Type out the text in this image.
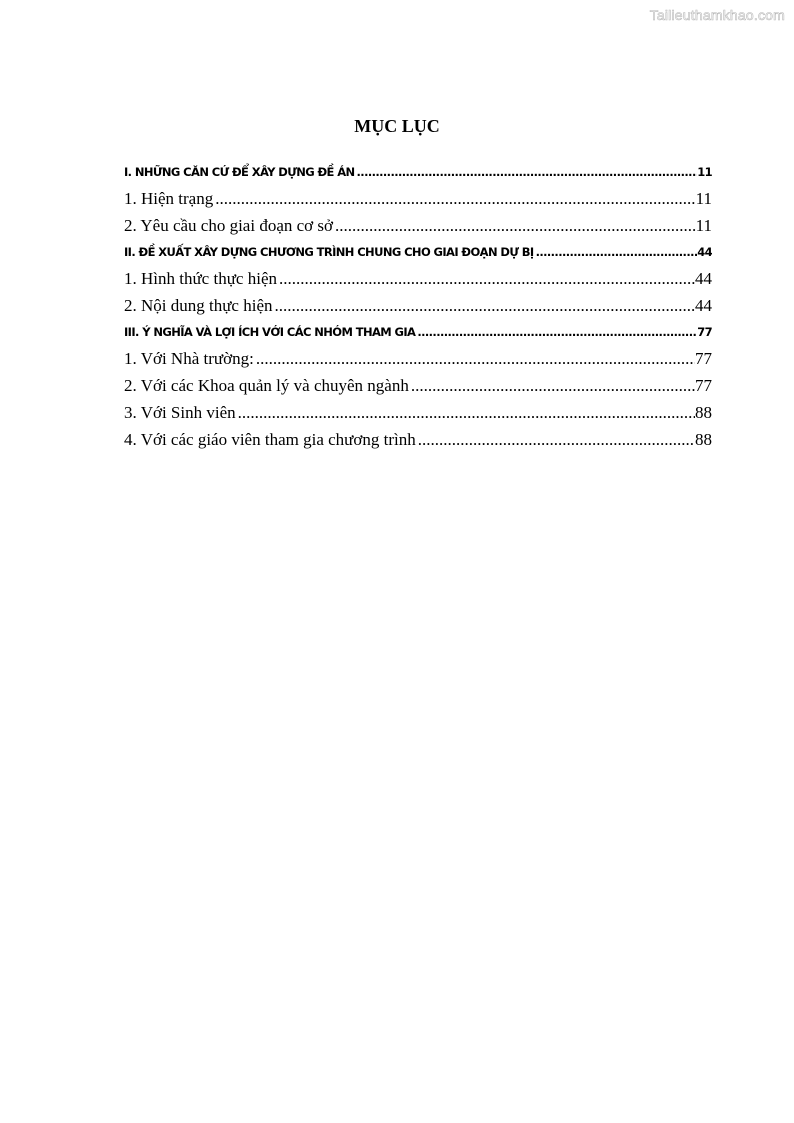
Tailieuthamkhao.com
MỤC LỤC
I. NHỮNG CĂN CỨ ĐỂ XÂY DỰNG ĐỀ ÁN .....	11
1. Hiện trạng .....	11
2. Yêu cầu cho giai đoạn cơ sở .....	11
II. ĐỀ XUẤT XÂY DỰNG CHƯƠNG TRÌNH CHUNG CHO GIAI ĐOẠN DỰ BỊ .....	44
1. Hình thức thực hiện .....	44
2. Nội dung thực hiện .....	44
III. Ý NGHĨA VÀ LỢI ÍCH VỚI CÁC NHÓM THAM GIA .....	77
1. Với Nhà trường: .....	77
2. Với các Khoa quản lý và chuyên ngành .....	77
3. Với Sinh viên .....	88
4. Với các giáo viên tham gia chương trình .....	88
